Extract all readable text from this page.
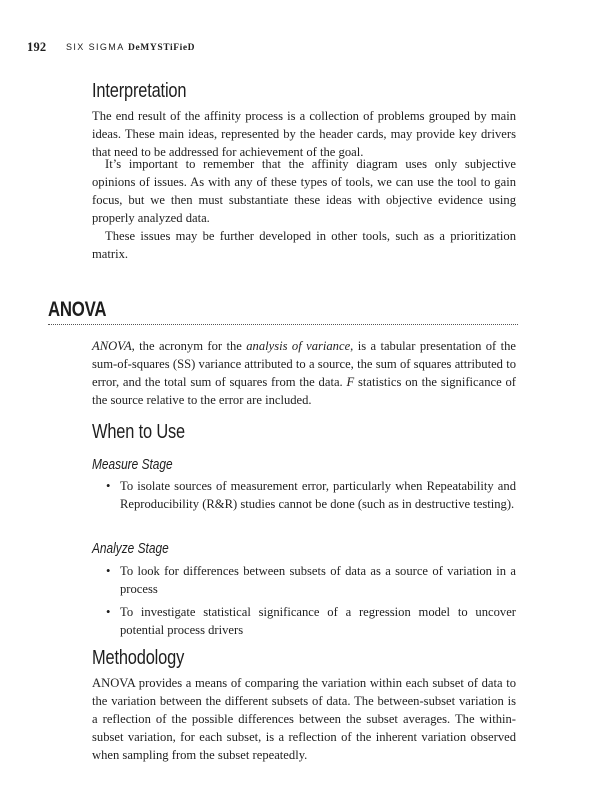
192 SIX SIGMA DeMYSTiFieD
Interpretation

The end result of the affinity process is a collection of problems grouped by main ideas. These main ideas, represented by the header cards, may provide key drivers that need to be addressed for achievement of the goal.

It’s important to remember that the affinity diagram uses only subjective opinions of issues. As with any of these types of tools, we can use the tool to gain focus, but we then must substantiate these ideas with objective evidence using properly analyzed data.

These issues may be further developed in other tools, such as a prioritization matrix.

ANOVA

ANOVA, the acronym for the analysis of variance, is a tabular presentation of the sum-of-squares (SS) variance attributed to a source, the sum of squares attributed to error, and the total sum of squares from the data. F statistics on the significance of the source relative to the error are included.

When to Use
Measure Stage
• To isolate sources of measurement error, particularly when Repeatability and Reproducibility (R&R) studies cannot be done (such as in destructive testing).
Analyze Stage
• To look for differences between subsets of data as a source of variation in a process
• To investigate statistical significance of a regression model to uncover potential process drivers
Methodology

ANOVA provides a means of comparing the variation within each subset of data to the variation between the different subsets of data. The between-subset variation is a reflection of the possible differences between the subset averages. The within-subset variation, for each subset, is a reflection of the inherent variation observed when sampling from the subset repeatedly.
